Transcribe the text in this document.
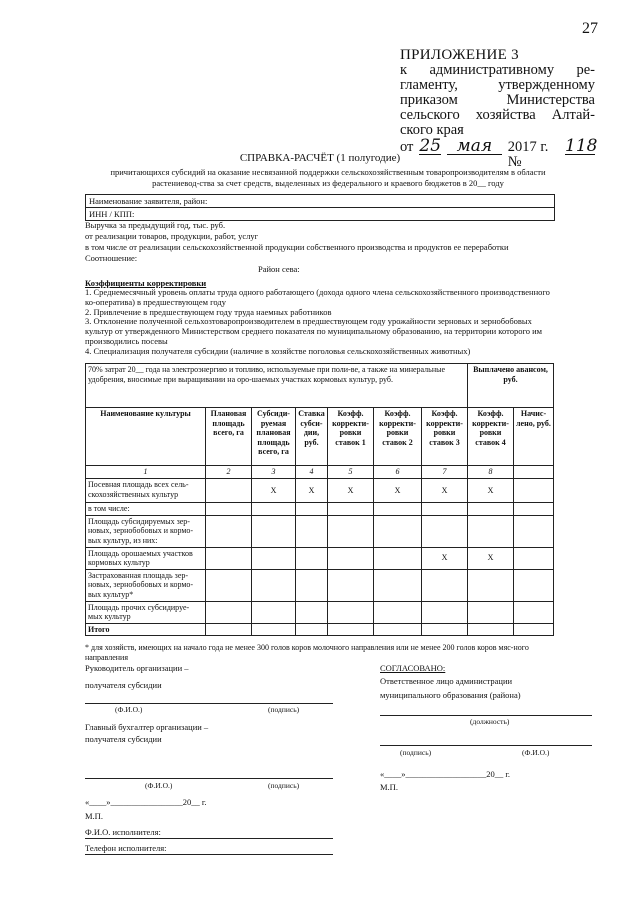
27
ПРИЛОЖЕНИЕ 3
к административному ре-
гламенту,	утвержденному
приказом	Министерства
сельского хозяйства Алтай-
ского края
от 25 мая	2017 г. №
118
СПРАВКА-РАСЧЁТ (1 полугодие)
причитающихся субсидий на оказание несвязанной поддержки сельскохозяйственным товаропроизводителям в области растениевод-ства за счет средств, выделенных из федерального и краевого бюджетов в 20__ году
Наименование заявителя, район:
ИНН / КПП:
Выручка за предыдущий год, тыс. руб.
от реализации товаров, продукции, работ, услуг
в том числе от реализации сельскохозяйственной продукции собственного производства и продуктов ее переработки
Соотношение:
Район сева:
Коэффициенты корректировки
1. Среднемесячный уровень оплаты труда одного работающего (дохода одного члена сельскохозяйственного производственного ко-оператива) в предшествующем году
2. Привлечение в предшествующем году труда наемных работников
3. Отклонение полученной сельхозтоваропроизводителем в предшествующем году урожайности зерновых и зернобобовых культур от утвержденного Министерством среднего показателя по муниципальному образованию, на территории которого им производились посевы
4. Специализация получателя субсидии (наличие в хозяйстве поголовья сельскохозяйственных животных)
70% затрат 20__ года на электроэнергию и топливо, используемые при поли-ве, а также на минеральные удобрения, вносимые при выращивании на оро-шаемых участках кормовых культур, руб.							Выплачено авансом, руб.	
Наименование культуры	Плановая площадь всего, га	Субсиди-руемая плановая площадь всего, га	Ставка субси-дии, руб.	Коэфф. корректи-ровки ставок 1	Коэфф. корректи-ровки ставок 2	Коэфф. корректи-ровки ставок 3	Коэфф. корректи-ровки ставок 4	Начис-лено, руб.
1	2	3	4	5	6	7	8	
Посевная площадь всех сель-скохозяйственных культур		X	X	X	X	X	X	
в том числе:								
Площадь субсидируемых зер-новых, зернобобовых и кормо-вых культур, из них:								
Площадь орошаемых участков кормовых культур						X	X	
Застрахованная площадь зер-новых, зернобобовых и кормо-вых культур*								
Площадь прочих субсидируе-мых культур								
Итого								
* для хозяйств, имеющих на начало года не менее 300 голов коров молочного направления или не менее 200 голов коров мяс-ного направления
Руководитель организации –
получателя субсидии
(Ф.И.О.)	(подпись)
Главный бухгалтер организации –
получателя субсидии
(Ф.И.О.)	(подпись)
«____»_________________20__ г.
М.П.
Ф.И.О. исполнителя:
Телефон исполнителя:
СОГЛАСОВАНО:
Ответственное лицо администрации
муниципального образования (района)
(должность)
(подпись)	(Ф.И.О.)
«____»___________________20__ г.
М.П.
